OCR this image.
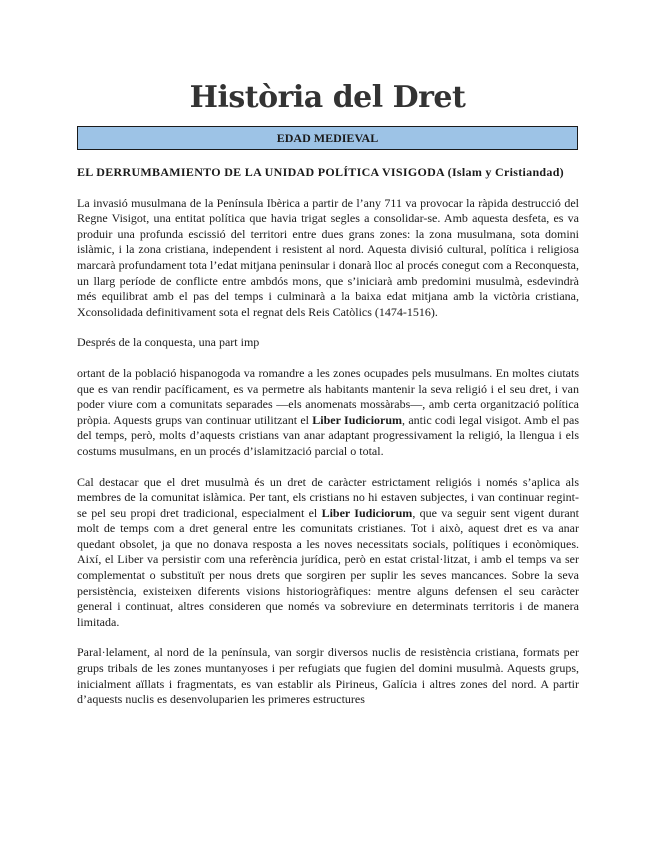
Història del Dret
EDAD MEDIEVAL

EL DERRUMBAMIENTO DE LA UNIDAD POLÍTICA VISIGODA (Islam y Cristiandad)

La invasió musulmana de la Península Ibèrica a partir de l’any 711 va provocar la ràpida destrucció del Regne Visigot, una entitat política que havia trigat segles a consolidar-se. Amb aquesta desfeta, es va produir una profunda escissió del territori entre dues grans zones: la zona musulmana, sota domini islàmic, i la zona cristiana, independent i resistent al nord. Aquesta divisió cultural, política i religiosa marcarà profundament tota l’edat mitjana peninsular i donarà lloc al procés conegut com a Reconquesta, un llarg període de conflicte entre ambdós mons, que s’iniciarà amb predomini musulmà, esdevindrà més equilibrat amb el pas del temps i culminarà a la baixa edat mitjana amb la victòria cristiana, Xconsolidada definitivament sota el regnat dels Reis Catòlics (1474-1516).

Després de la conquesta, una part imp

ortant de la població hispanogoda va romandre a les zones ocupades pels musulmans. En moltes ciutats que es van rendir pacíficament, es va permetre als habitants mantenir la seva religió i el seu dret, i van poder viure com a comunitats separades —els anomenats mossàrabs—, amb certa organització política pròpia. Aquests grups van continuar utilitzant el Liber Iudiciorum, antic codi legal visigot. Amb el pas del temps, però, molts d’aquests cristians van anar adaptant progressivament la religió, la llengua i els costums musulmans, en un procés d’islamització parcial o total.

Cal destacar que el dret musulmà és un dret de caràcter estrictament religiós i només s’aplica als membres de la comunitat islàmica. Per tant, els cristians no hi estaven subjectes, i van continuar regint-se pel seu propi dret tradicional, especialment el Liber Iudiciorum, que va seguir sent vigent durant molt de temps com a dret general entre les comunitats cristianes. Tot i això, aquest dret es va anar quedant obsolet, ja que no donava resposta a les noves necessitats socials, polítiques i econòmiques. Així, el Liber va persistir com una referència jurídica, però en estat cristal·litzat, i amb el temps va ser complementat o substituït per nous drets que sorgiren per suplir les seves mancances. Sobre la seva persistència, existeixen diferents visions historiogràfiques: mentre alguns defensen el seu caràcter general i continuat, altres consideren que només va sobreviure en determinats territoris i de manera limitada.

Paral·lelament, al nord de la península, van sorgir diversos nuclis de resistència cristiana, formats per grups tribals de les zones muntanyoses i per refugiats que fugien del domini musulmà. Aquests grups, inicialment aïllats i fragmentats, es van establir als Pirineus, Galícia i altres zones del nord. A partir d’aquests nuclis es desenvoluparien les primeres estructures
